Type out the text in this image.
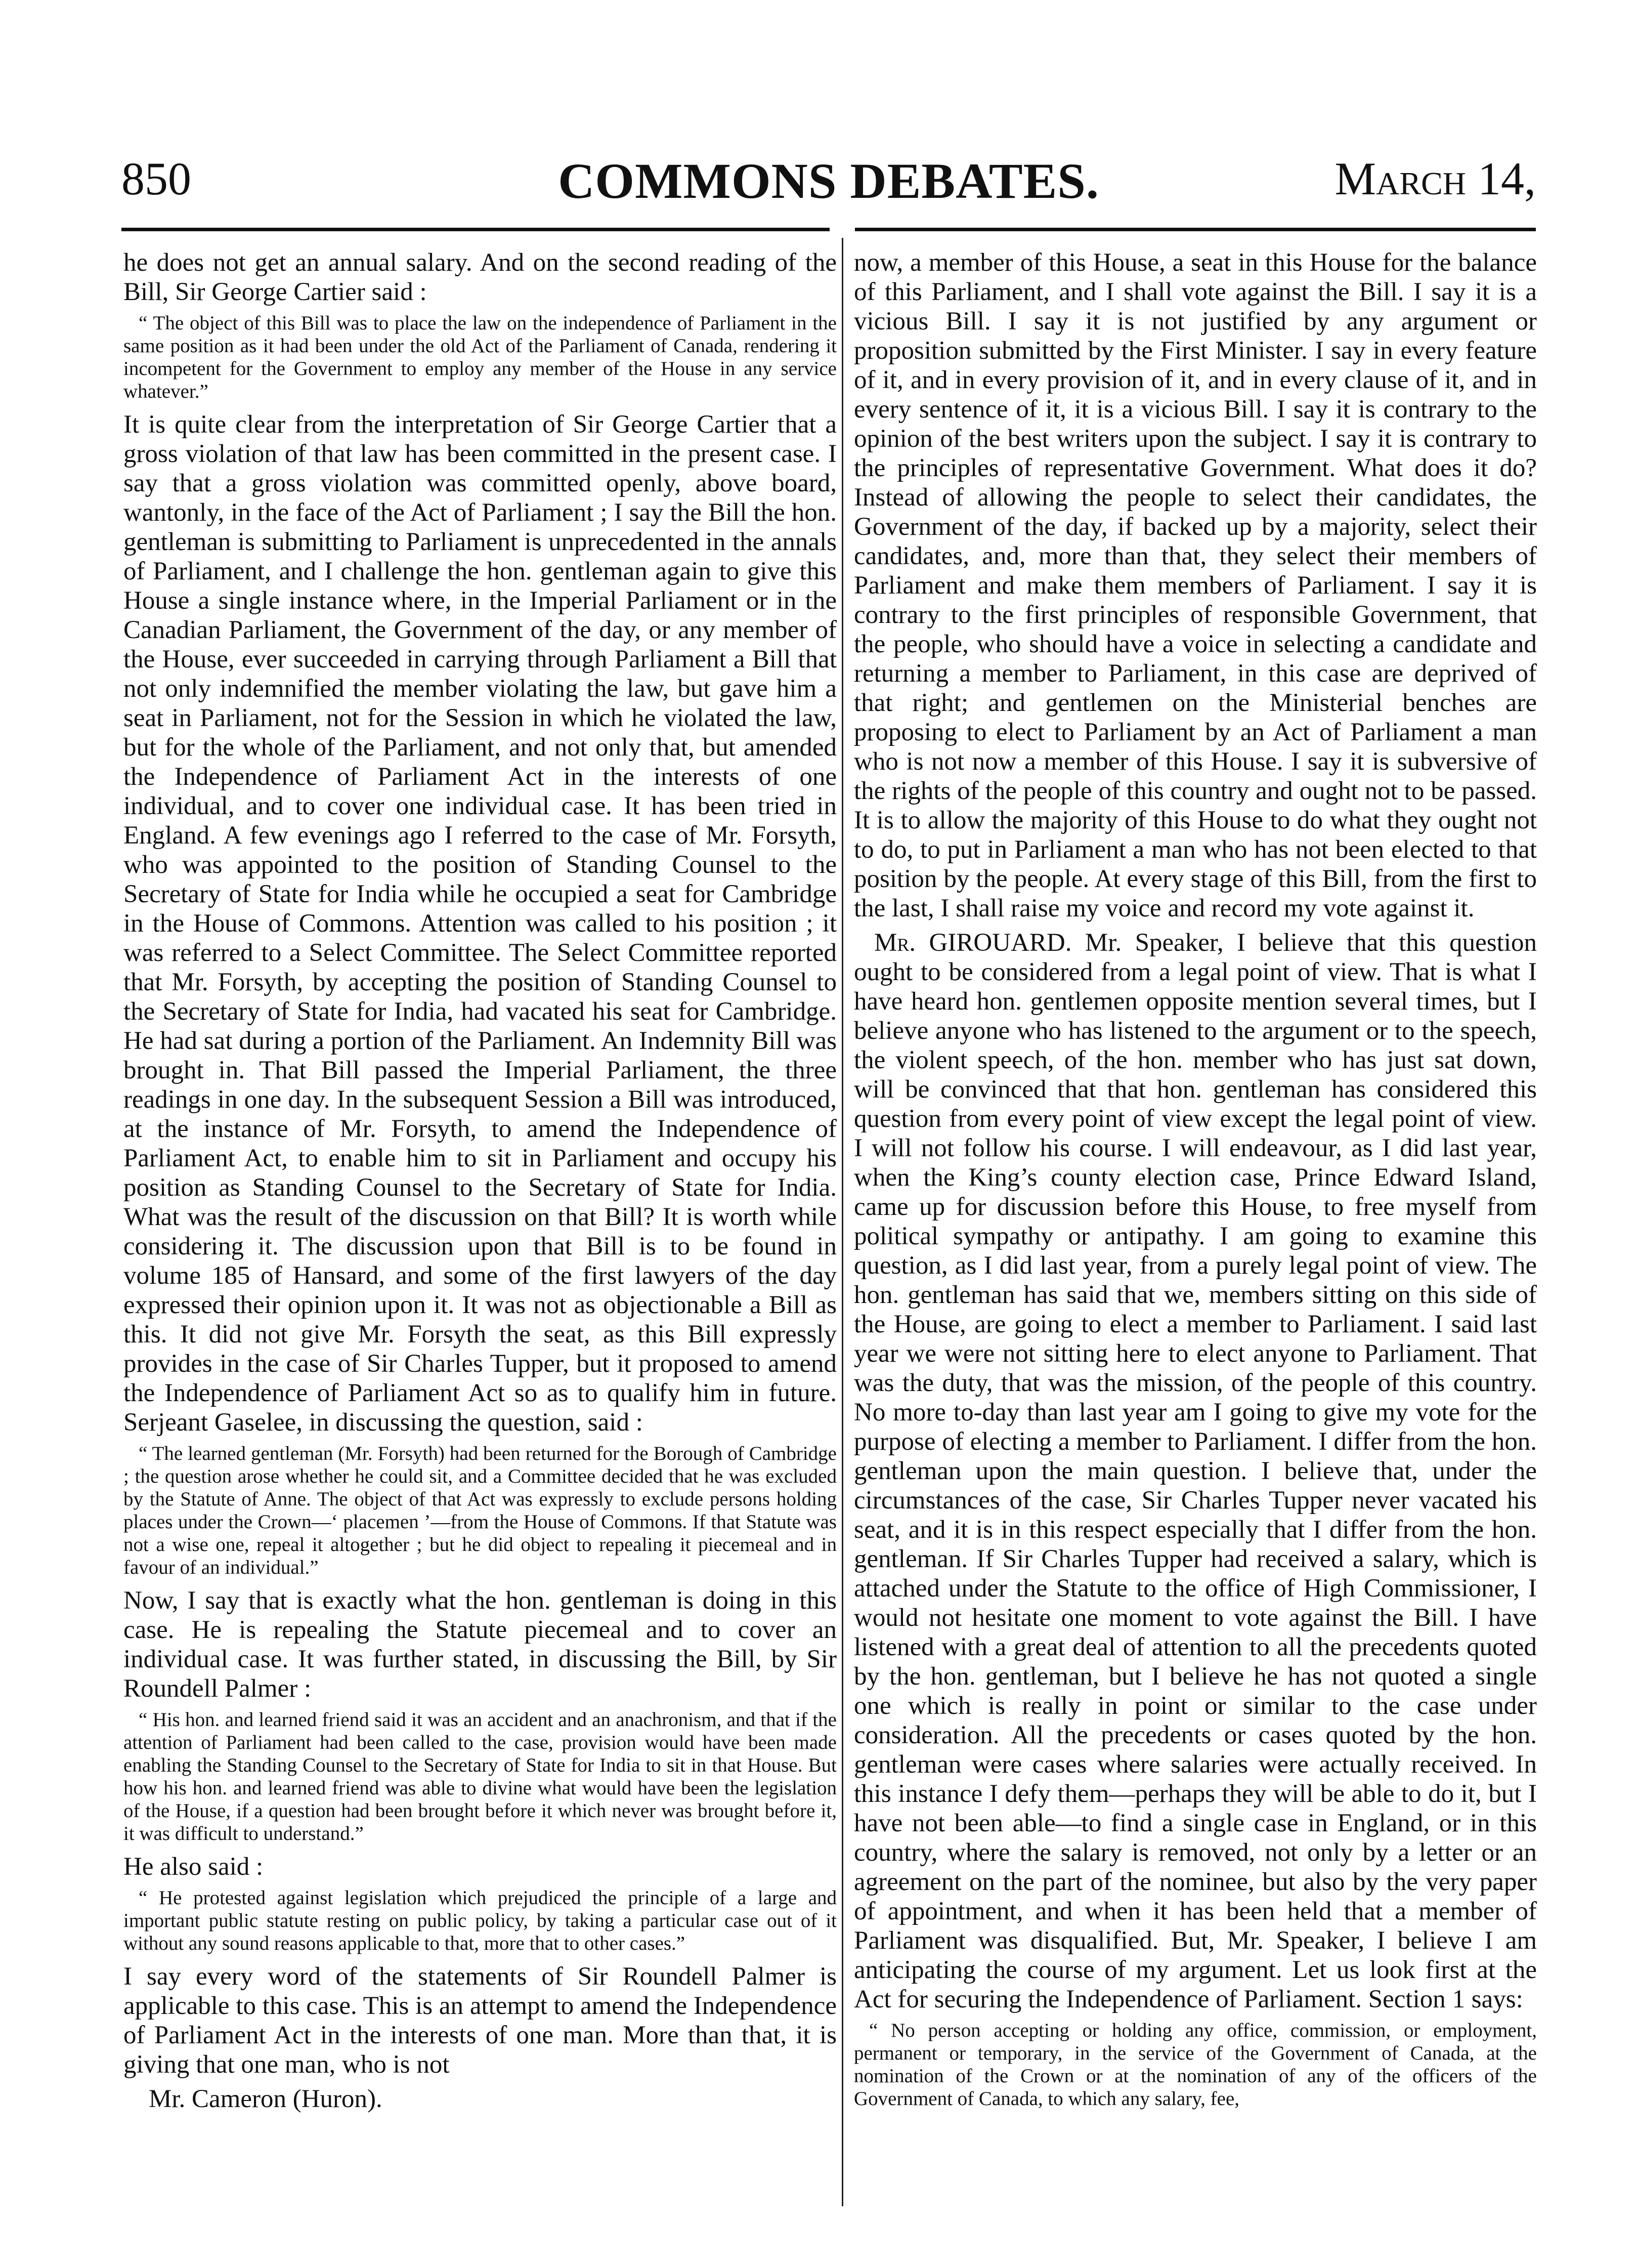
850	COMMONS DEBATES.	March 14,

he does not get an annual salary. And on the second reading of the Bill, Sir George Cartier said :

“ The object of this Bill was to place the law on the independence of Parliament in the same position as it had been under the old Act of the Parliament of Canada, rendering it incompetent for the Government to employ any member of the House in any service whatever.”

It is quite clear from the interpretation of Sir George Cartier that a gross violation of that law has been committed in the present case. I say that a gross violation was committed openly, above board, wantonly, in the face of the Act of Parliament ; I say the Bill the hon. gentleman is submitting to Parliament is unprecedented in the annals of Parliament, and I challenge the hon. gentleman again to give this House a single instance where, in the Imperial Parliament or in the Canadian Parliament, the Government of the day, or any member of the House, ever succeeded in carrying through Parliament a Bill that not only indemnified the member violating the law, but gave him a seat in Parliament, not for the Session in which he violated the law, but for the whole of the Parliament, and not only that, but amended the Independence of Parliament Act in the interests of one individual, and to cover one individual case. It has been tried in England. A few evenings ago I referred to the case of Mr. Forsyth, who was appointed to the position of Standing Counsel to the Secretary of State for India while he occupied a seat for Cambridge in the House of Commons. Attention was called to his position ; it was referred to a Select Committee. The Select Committee reported that Mr. Forsyth, by accepting the position of Standing Counsel to the Secretary of State for India, had vacated his seat for Cambridge. He had sat during a portion of the Parliament. An Indemnity Bill was brought in. That Bill passed the Imperial Parliament, the three readings in one day. In the subsequent Session a Bill was introduced, at the instance of Mr. Forsyth, to amend the Independence of Parliament Act, to enable him to sit in Parliament and occupy his position as Standing Counsel to the Secretary of State for India. What was the result of the discussion on that Bill? It is worth while considering it. The discussion upon that Bill is to be found in volume 185 of Hansard, and some of the first lawyers of the day expressed their opinion upon it. It was not as objectionable a Bill as this. It did not give Mr. Forsyth the seat, as this Bill expressly provides in the case of Sir Charles Tupper, but it proposed to amend the Independence of Parliament Act so as to qualify him in future. Serjeant Gaselee, in discussing the question, said :

“ The learned gentleman (Mr. Forsyth) had been returned for the Borough of Cambridge ; the question arose whether he could sit, and a Committee decided that he was excluded by the Statute of Anne. The object of that Act was expressly to exclude persons holding places under the Crown—‘ placemen ’—from the House of Commons. If that Statute was not a wise one, repeal it altogether ; but he did object to repealing it piecemeal and in favour of an individual.”

Now, I say that is exactly what the hon. gentleman is doing in this case. He is repealing the Statute piecemeal and to cover an individual case. It was further stated, in discussing the Bill, by Sir Roundell Palmer :

“ His hon. and learned friend said it was an accident and an anachronism, and that if the attention of Parliament had been called to the case, provision would have been made enabling the Standing Counsel to the Secretary of State for India to sit in that House. But how his hon. and learned friend was able to divine what would have been the legislation of the House, if a question had been brought before it which never was brought before it, it was difficult to understand.”

He also said :

“ He protested against legislation which prejudiced the principle of a large and important public statute resting on public policy, by taking a particular case out of it without any sound reasons applicable to that, more that to other cases.”

I say every word of the statements of Sir Roundell Palmer is applicable to this case. This is an attempt to amend the Independence of Parliament Act in the interests of one man. More than that, it is giving that one man, who is not

Mr. Cameron (Huron).

now, a member of this House, a seat in this House for the balance of this Parliament, and I shall vote against the Bill. I say it is a vicious Bill. I say it is not justified by any argument or proposition submitted by the First Minister. I say in every feature of it, and in every provision of it, and in every clause of it, and in every sentence of it, it is a vicious Bill. I say it is contrary to the opinion of the best writers upon the subject. I say it is contrary to the principles of representative Government. What does it do? Instead of allowing the people to select their candidates, the Government of the day, if backed up by a majority, select their candidates, and, more than that, they select their members of Parliament and make them members of Parliament. I say it is contrary to the first principles of responsible Government, that the people, who should have a voice in selecting a candidate and returning a member to Parliament, in this case are deprived of that right; and gentlemen on the Ministerial benches are proposing to elect to Parliament by an Act of Parliament a man who is not now a member of this House. I say it is subversive of the rights of the people of this country and ought not to be passed. It is to allow the majority of this House to do what they ought not to do, to put in Parliament a man who has not been elected to that position by the people. At every stage of this Bill, from the first to the last, I shall raise my voice and record my vote against it.

Mr. GIROUARD. Mr. Speaker, I believe that this question ought to be considered from a legal point of view. That is what I have heard hon. gentlemen opposite mention several times, but I believe anyone who has listened to the argument or to the speech, the violent speech, of the hon. member who has just sat down, will be convinced that that hon. gentleman has considered this question from every point of view except the legal point of view. I will not follow his course. I will endeavour, as I did last year, when the King’s county election case, Prince Edward Island, came up for discussion before this House, to free myself from political sympathy or antipathy. I am going to examine this question, as I did last year, from a purely legal point of view. The hon. gentleman has said that we, members sitting on this side of the House, are going to elect a member to Parliament. I said last year we were not sitting here to elect anyone to Parliament. That was the duty, that was the mission, of the people of this country. No more to-day than last year am I going to give my vote for the purpose of electing a member to Parliament. I differ from the hon. gentleman upon the main question. I believe that, under the circumstances of the case, Sir Charles Tupper never vacated his seat, and it is in this respect especially that I differ from the hon. gentleman. If Sir Charles Tupper had received a salary, which is attached under the Statute to the office of High Commissioner, I would not hesitate one moment to vote against the Bill. I have listened with a great deal of attention to all the precedents quoted by the hon. gentleman, but I believe he has not quoted a single one which is really in point or similar to the case under consideration. All the precedents or cases quoted by the hon. gentleman were cases where salaries were actually received. In this instance I defy them—perhaps they will be able to do it, but I have not been able—to find a single case in England, or in this country, where the salary is removed, not only by a letter or an agreement on the part of the nominee, but also by the very paper of appointment, and when it has been held that a member of Parliament was disqualified. But, Mr. Speaker, I believe I am anticipating the course of my argument. Let us look first at the Act for securing the Independence of Parliament. Section 1 says:

“ No person accepting or holding any office, commission, or employment, permanent or temporary, in the service of the Government of Canada, at the nomination of the Crown or at the nomination of any of the officers of the Government of Canada, to which any salary, fee,
